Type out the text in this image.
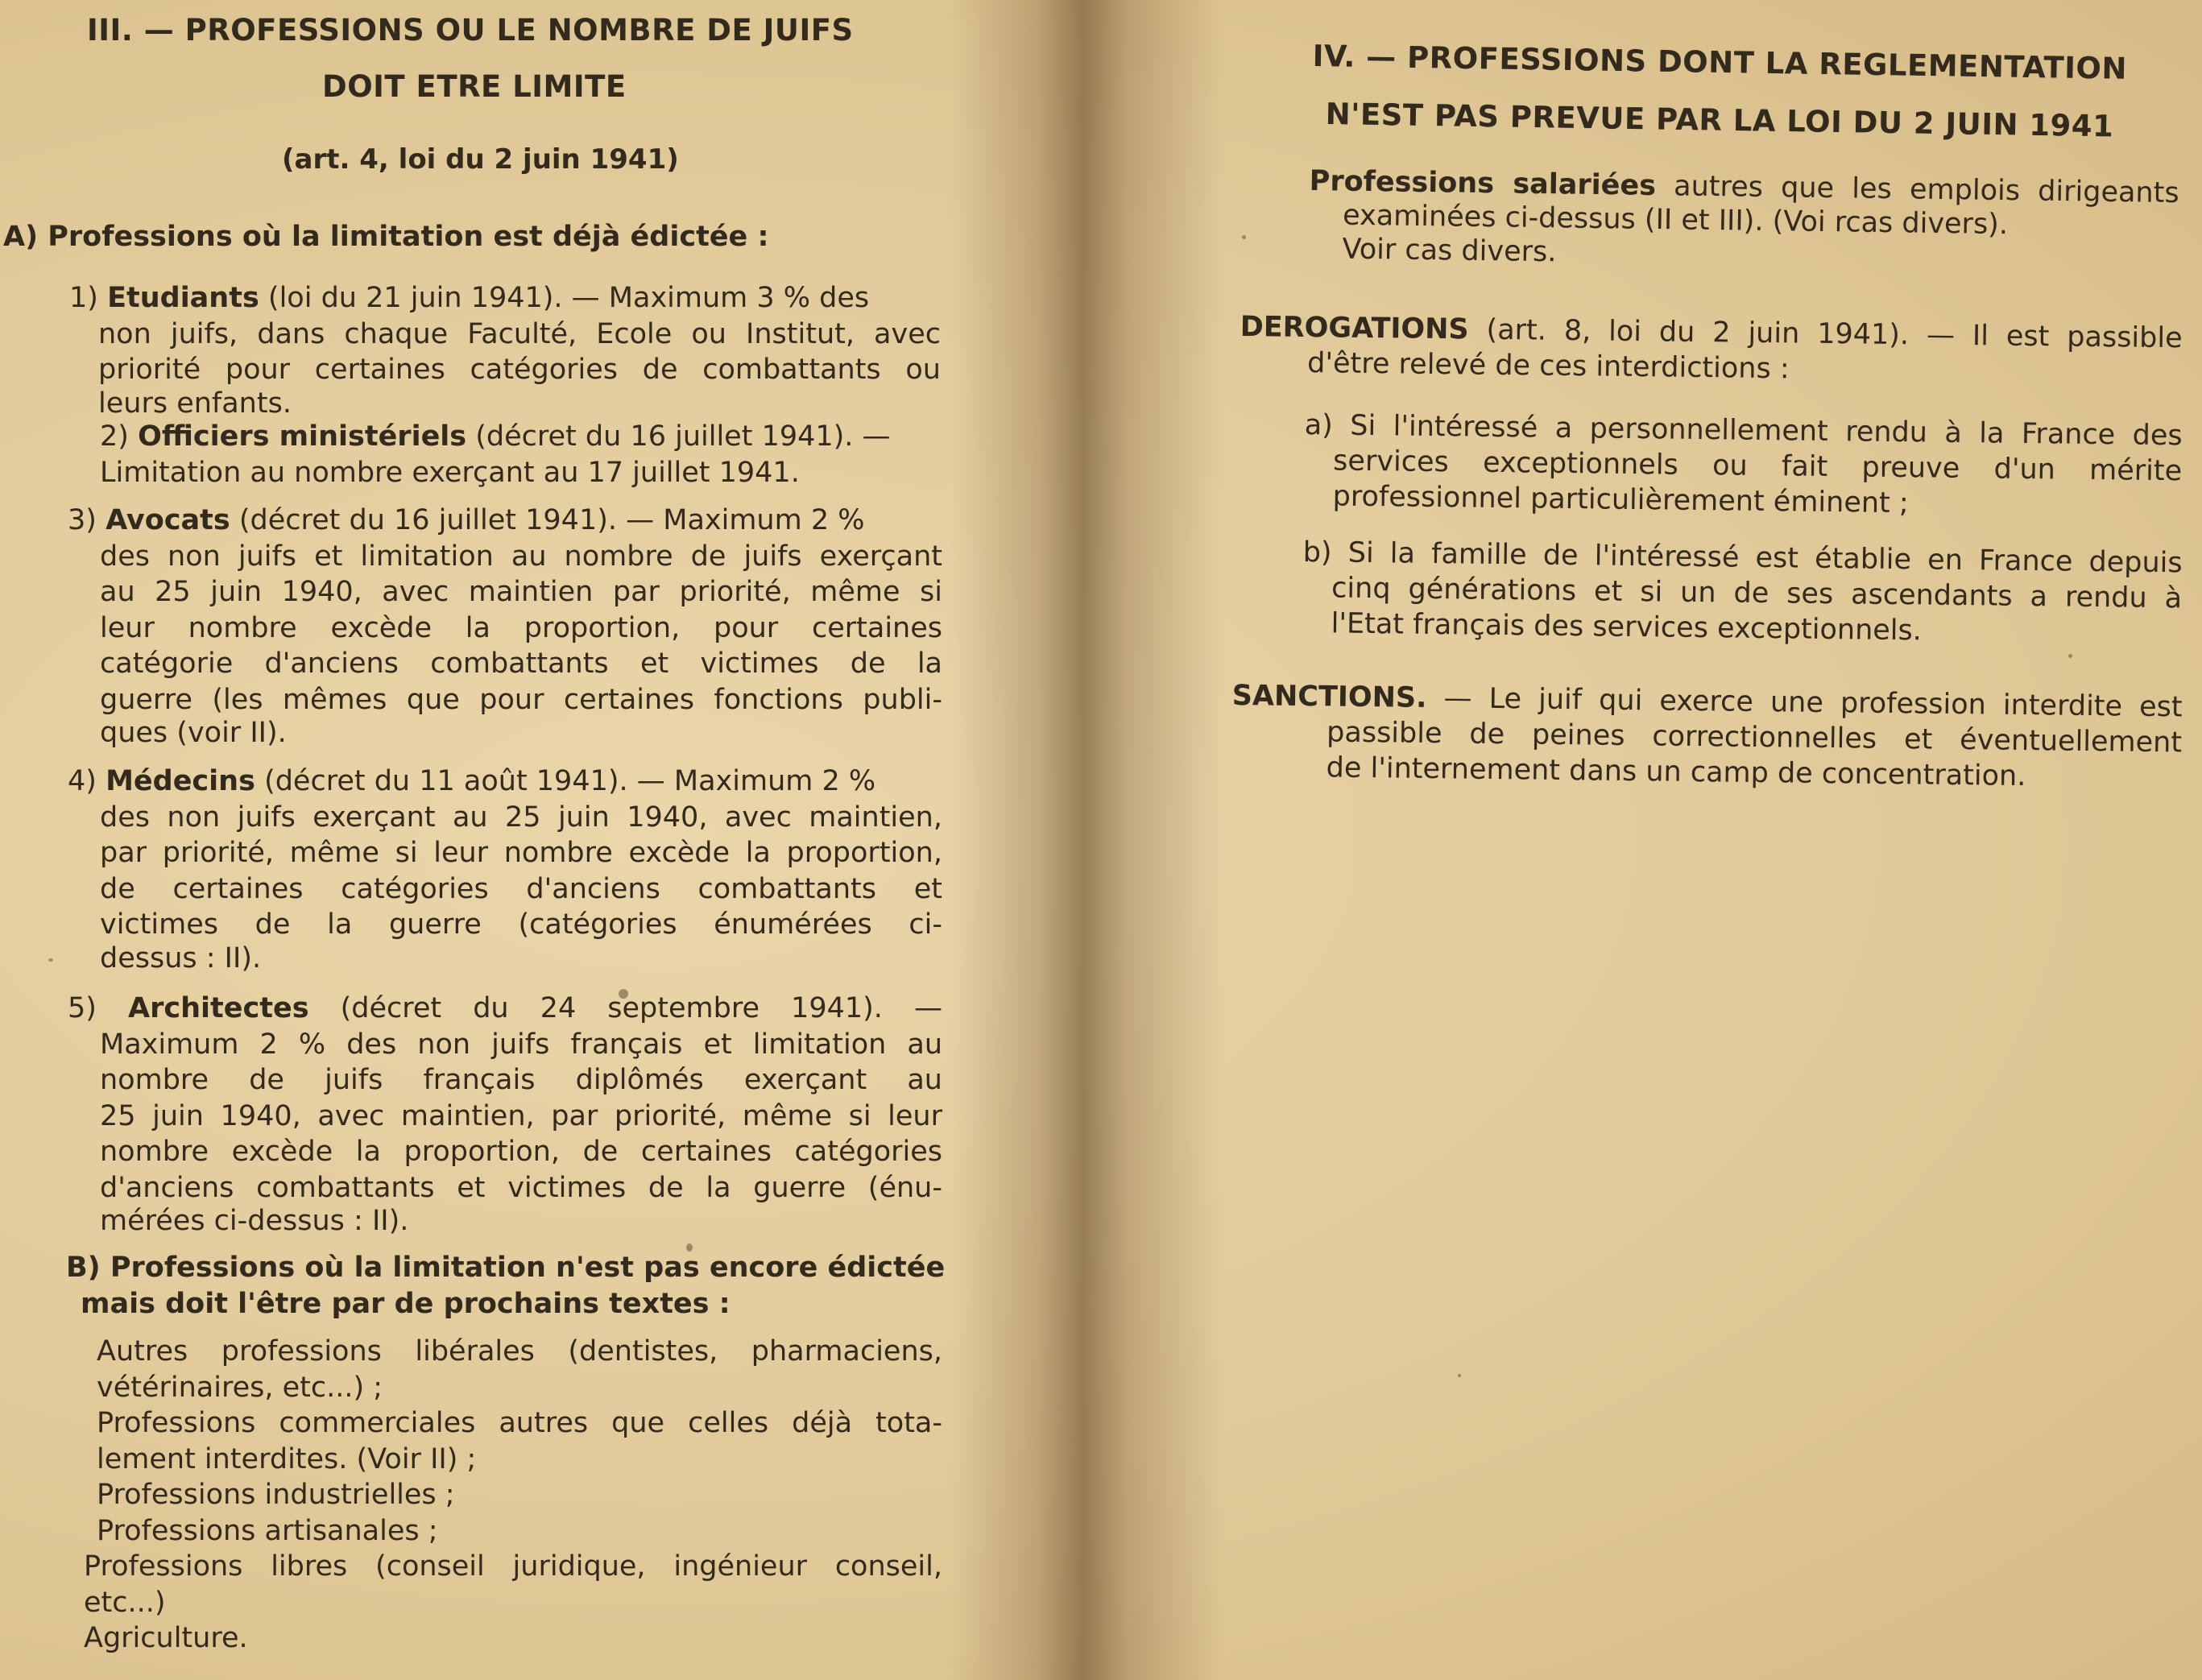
III. — PROFESSIONS OU LE NOMBRE DE JUIFS
DOIT ETRE LIMITE
(art. 4, loi du 2 juin 1941)
A) Professions où la limitation est déjà édictée :
1) Etudiants (loi du 21 juin 1941). — Maximum 3 % des
non juifs, dans chaque Faculté, Ecole ou Institut, avec
priorité pour certaines catégories de combattants ou
leurs enfants.
2) Officiers ministériels (décret du 16 juillet 1941). —
Limitation au nombre exerçant au 17 juillet 1941.
3) Avocats (décret du 16 juillet 1941). — Maximum 2 %
des non juifs et limitation au nombre de juifs exerçant
au 25 juin 1940, avec maintien par priorité, même si
leur nombre excède la proportion, pour certaines
catégorie d'anciens combattants et victimes de la
guerre (les mêmes que pour certaines fonctions publi-
ques (voir II).
4) Médecins (décret du 11 août 1941). — Maximum 2 %
des non juifs exerçant au 25 juin 1940, avec maintien,
par priorité, même si leur nombre excède la proportion,
de certaines catégories d'anciens combattants et
victimes de la guerre (catégories énumérées ci-
dessus : II).
5) Architectes (décret du 24 septembre 1941). —
Maximum 2 % des non juifs français et limitation au
nombre de juifs français diplômés exerçant au
25 juin 1940, avec maintien, par priorité, même si leur
nombre excède la proportion, de certaines catégories
d'anciens combattants et victimes de la guerre (énu-
mérées ci-dessus : II).
B) Professions où la limitation n'est pas encore édictée
mais doit l'être par de prochains textes :
Autres professions libérales (dentistes, pharmaciens,
vétérinaires, etc...) ;
Professions commerciales autres que celles déjà tota-
lement interdites. (Voir II) ;
Professions industrielles ;
Professions artisanales ;
Professions libres (conseil juridique, ingénieur conseil,
etc...)
Agriculture.
IV. — PROFESSIONS DONT LA REGLEMENTATION
N'EST PAS PREVUE PAR LA LOI DU 2 JUIN 1941
Professions salariées autres que les emplois dirigeants
examinées ci-dessus (II et III). (Voi rcas divers).
Voir cas divers.
DEROGATIONS (art. 8, loi du 2 juin 1941). — Il est passible
d'être relevé de ces interdictions :
a) Si l'intéressé a personnellement rendu à la France des
services exceptionnels ou fait preuve d'un mérite
professionnel particulièrement éminent ;
b) Si la famille de l'intéressé est établie en France depuis
cinq générations et si un de ses ascendants a rendu à
l'Etat français des services exceptionnels.
SANCTIONS. — Le juif qui exerce une profession interdite est
passible de peines correctionnelles et éventuellement
de l'internement dans un camp de concentration.
